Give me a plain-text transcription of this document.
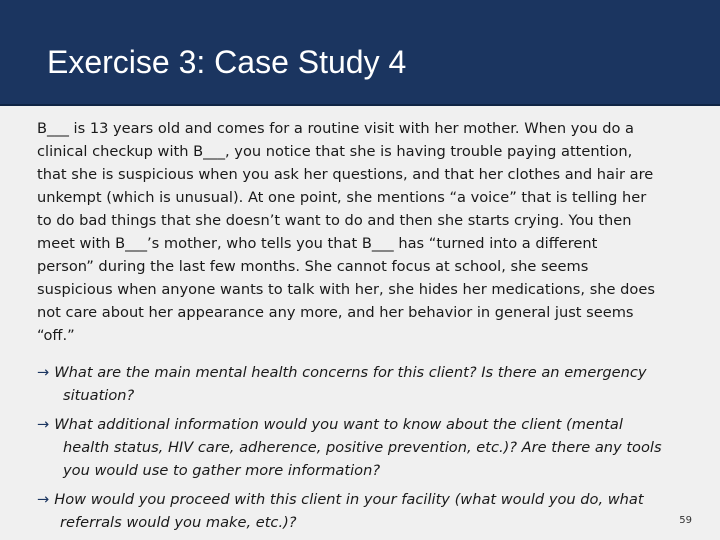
Exercise 3: Case Study 4
B___ is 13 years old and comes for a routine visit with her mother. When you do a
clinical checkup with B___, you notice that she is having trouble paying attention,
that she is suspicious when you ask her questions, and that her clothes and hair are
unkempt (which is unusual). At one point, she mentions “a voice” that is telling her
to do bad things that she doesn’t want to do and then she starts crying. You then
meet with B___’s mother, who tells you that B___ has “turned into a different
person” during the last few months. She cannot focus at school, she seems
suspicious when anyone wants to talk with her, she hides her medications, she does
not care about her appearance any more, and her behavior in general just seems
“off.”
→ What are the main mental health concerns for this client? Is there an emergency
situation?
→ What additional information would you want to know about the client (mental
health status, HIV care, adherence, positive prevention, etc.)? Are there any tools
you would use to gather more information?
→ How would you proceed with this client in your facility (what would you do, what
referrals would you make, etc.)?	59
